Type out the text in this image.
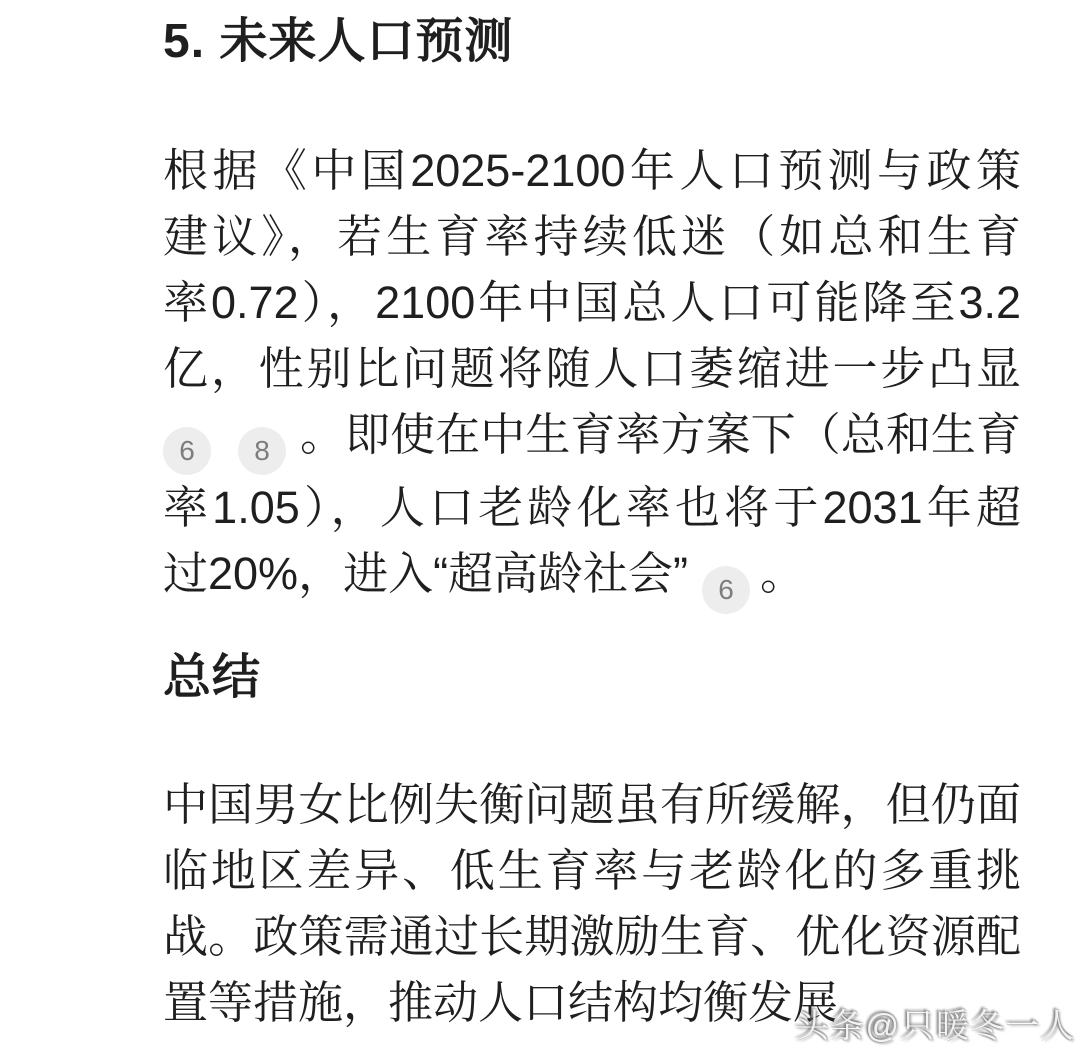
5. 未来人口预测
根据《中国2025-2100年人口预测与政策
建议》，若生育率持续低迷（如总和生育
率0.72），2100年中国总人口可能降至3.2
亿，性别比问题将随人口萎缩进一步凸显
6 8 。即使在中生育率方案下（总和生育
率1.05），人口老龄化率也将于2031年超
过20%，进入“超高龄社会” 6 。
总结
中国男女比例失衡问题虽有所缓解，但仍面
临地区差异、低生育率与老龄化的多重挑
战。政策需通过长期激励生育、优化资源配
置等措施，推动人口结构均衡发展
头条@只暖冬一人
